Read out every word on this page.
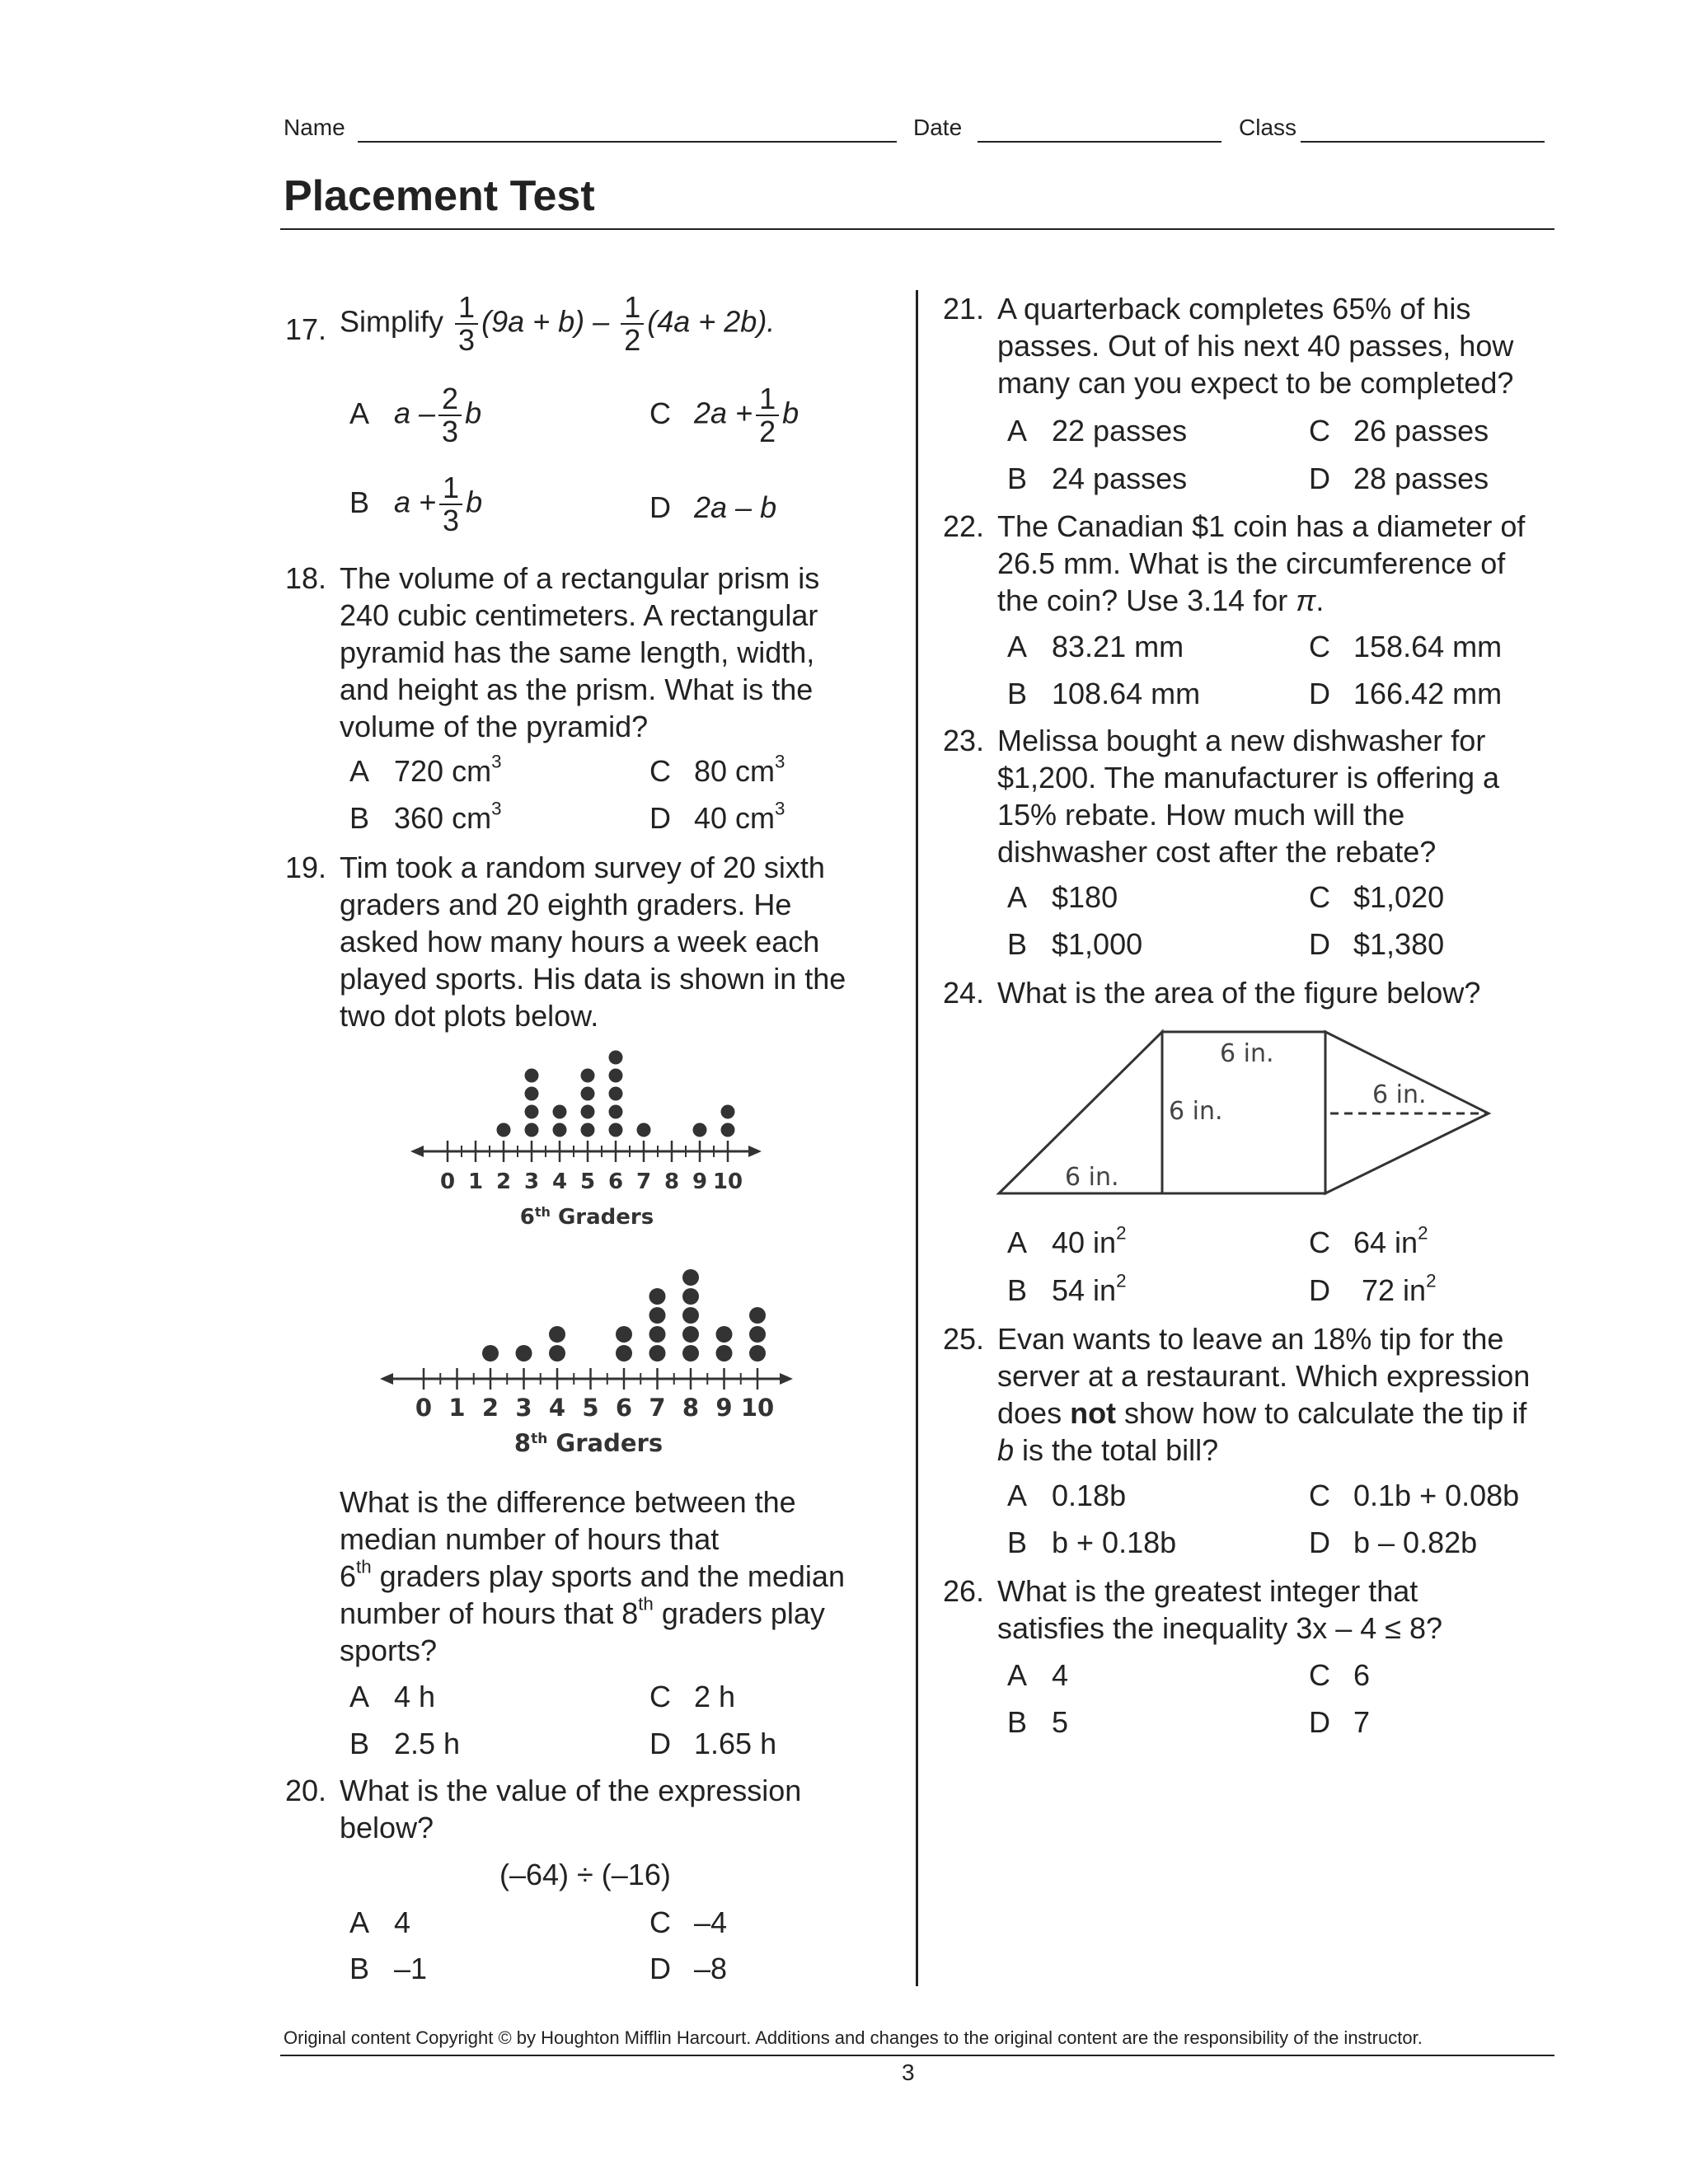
Name	Date	Class
Placement Test
17. Simplify $\frac{1}{3} (9a + b) - \frac{1}{2} (4a + 2b)$.
A a – $\frac{2}{3}$ b	C $2a + \frac{1}{2}$ b
B $a + \frac{1}{3}$ b	D 2a – b
18. The volume of a rectangular prism is
240 cubic centimeters. A rectangular
pyramid has the same length, width,
and height as the prism. What is the
volume of the pyramid?
A 720 $cm^3$	C 80 $cm^3$
B 360 $cm^3$	D 40 $cm^3$
19. Tim took a random survey of 20 sixth
graders and 20 eighth graders. He
asked how many hours a week each
played sports. His data is shown in the
two dot plots below.
0 1 2 3 4 5 6 7 8 9 10
6th Graders
0 1 2 3 4 5 6 7 8 9 10
8th Graders
What is the difference between the
median number of hours that
6th graders play sports and the median
number of hours that 8th graders play
sports?
A 4 h	C 2 h
B 2.5 h	D 1.65 h
20. What is the value of the expression
below?
(–64) ÷ (–16)
A 4	C –4
B –1	D –8
21. A quarterback completes 65% of his
passes. Out of his next 40 passes, how
many can you expect to be completed?
A 22 passes	C 26 passes
B 24 passes	D 28 passes
22. The Canadian $1 coin has a diameter of
26.5 mm. What is the circumference of
the coin? Use 3.14 for π.
A 83.21 mm	C 158.64 mm
B 108.64 mm	D 166.42 mm
23. Melissa bought a new dishwasher for
$1,200. The manufacturer is offering a
15% rebate. How much will the
dishwasher cost after the rebate?
A $180	C $1,020
B $1,000	D $1,380
24. What is the area of the figure below?
6 in.
6 in.
6 in.
6 in.
A 40 $in^2$	C 64 $in^2$
B 54 $in^2$	D 72 $in^2$
25. Evan wants to leave an 18% tip for the
server at a restaurant. Which expression
does not show how to calculate the tip if
b is the total bill?
A 0.18b	C 0.1b + 0.08b
B b + 0.18b	D b – 0.82b
26. What is the greatest integer that
satisfies the inequality 3x – 4 ≤ 8?
A 4	C 6
B 5	D 7
Original content Copyright © by Houghton Mifflin Harcourt. Additions and changes to the original content are the responsibility of the instructor.
3
